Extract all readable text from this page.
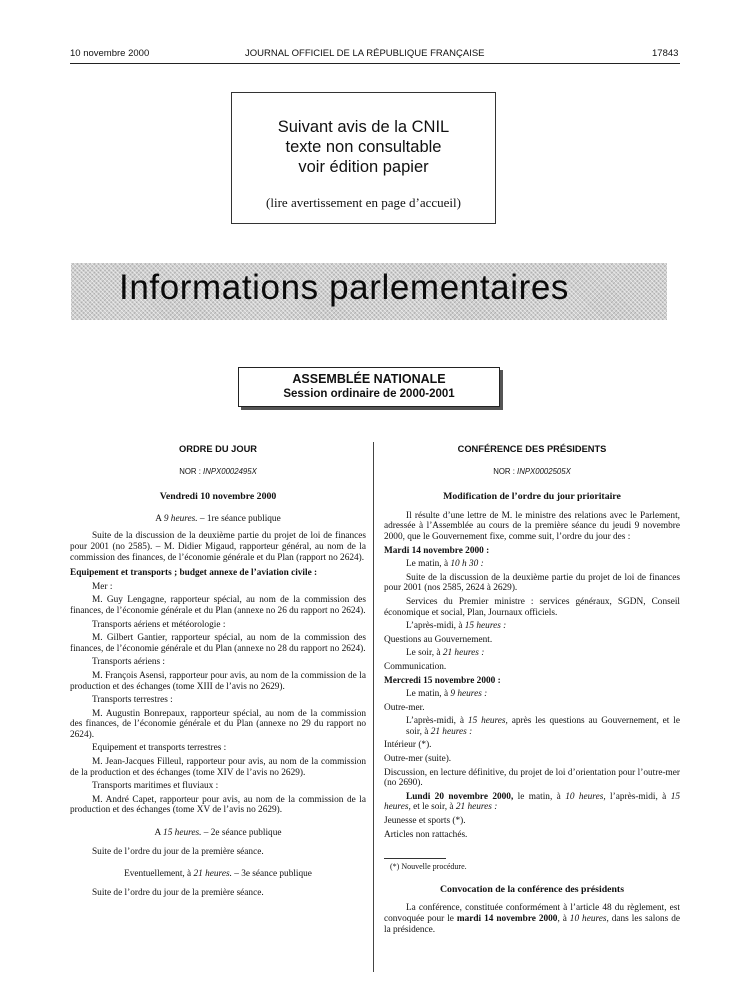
10 novembre 2000	JOURNAL OFFICIEL DE LA RÉPUBLIQUE FRANÇAISE	17843
Suivant avis de la CNIL
texte non consultable
voir édition papier
(lire avertissement en page d’accueil)
Informations parlementaires
ASSEMBLÉE NATIONALE
Session ordinaire de 2000-2001

ORDRE DU JOUR

NOR : INPX0002495X

Vendredi 10 novembre 2000

A 9 heures. – 1re séance publique

Suite de la discussion de la deuxième partie du projet de loi de finances pour 2001 (no 2585). – M. Didier Migaud, rapporteur général, au nom de la commission des finances, de l’économie générale et du Plan (rapport no 2624).

Equipement et transports ; budget annexe de l’aviation civile :

Mer :

M. Guy Lengagne, rapporteur spécial, au nom de la commission des finances, de l’économie générale et du Plan (annexe no 26 du rapport no 2624).

Transports aériens et météorologie :

M. Gilbert Gantier, rapporteur spécial, au nom de la commission des finances, de l’économie générale et du Plan (annexe no 28 du rapport no 2624).

Transports aériens :

M. François Asensi, rapporteur pour avis, au nom de la commission de la production et des échanges (tome XIII de l’avis no 2629).

Transports terrestres :

M. Augustin Bonrepaux, rapporteur spécial, au nom de la commission des finances, de l’économie générale et du Plan (annexe no 29 du rapport no 2624).

Equipement et transports terrestres :

M. Jean-Jacques Filleul, rapporteur pour avis, au nom de la commission de la production et des échanges (tome XIV de l’avis no 2629).

Transports maritimes et fluviaux :

M. André Capet, rapporteur pour avis, au nom de la commission de la production et des échanges (tome XV de l’avis no 2629).

A 15 heures. – 2e séance publique

Suite de l’ordre du jour de la première séance.

Eventuellement, à 21 heures. – 3e séance publique

Suite de l’ordre du jour de la première séance.

CONFÉRENCE DES PRÉSIDENTS

NOR : INPX0002505X

Modification de l’ordre du jour prioritaire

Il résulte d’une lettre de M. le ministre des relations avec le Parlement, adressée à l’Assemblée au cours de la première séance du jeudi 9 novembre 2000, que le Gouvernement fixe, comme suit, l’ordre du jour des :

Mardi 14 novembre 2000 :

Le matin, à 10 h 30 :

Suite de la discussion de la deuxième partie du projet de loi de finances pour 2001 (nos 2585, 2624 à 2629).

Services du Premier ministre : services généraux, SGDN, Conseil économique et social, Plan, Journaux officiels.

L’après-midi, à 15 heures :

Questions au Gouvernement.

Le soir, à 21 heures :

Communication.

Mercredi 15 novembre 2000 :

Le matin, à 9 heures :

Outre-mer.

L’après-midi, à 15 heures, après les questions au Gouvernement, et le soir, à 21 heures :

Intérieur (*).

Outre-mer (suite).

Discussion, en lecture définitive, du projet de loi d’orientation pour l’outre-mer (no 2690).

Lundi 20 novembre 2000, le matin, à 10 heures, l’après-midi, à 15 heures, et le soir, à 21 heures :

Jeunesse et sports (*).

Articles non rattachés.

(*) Nouvelle procédure.

Convocation de la conférence des présidents

La conférence, constituée conformément à l’article 48 du règlement, est convoquée pour le mardi 14 novembre 2000, à 10 heures, dans les salons de la présidence.
